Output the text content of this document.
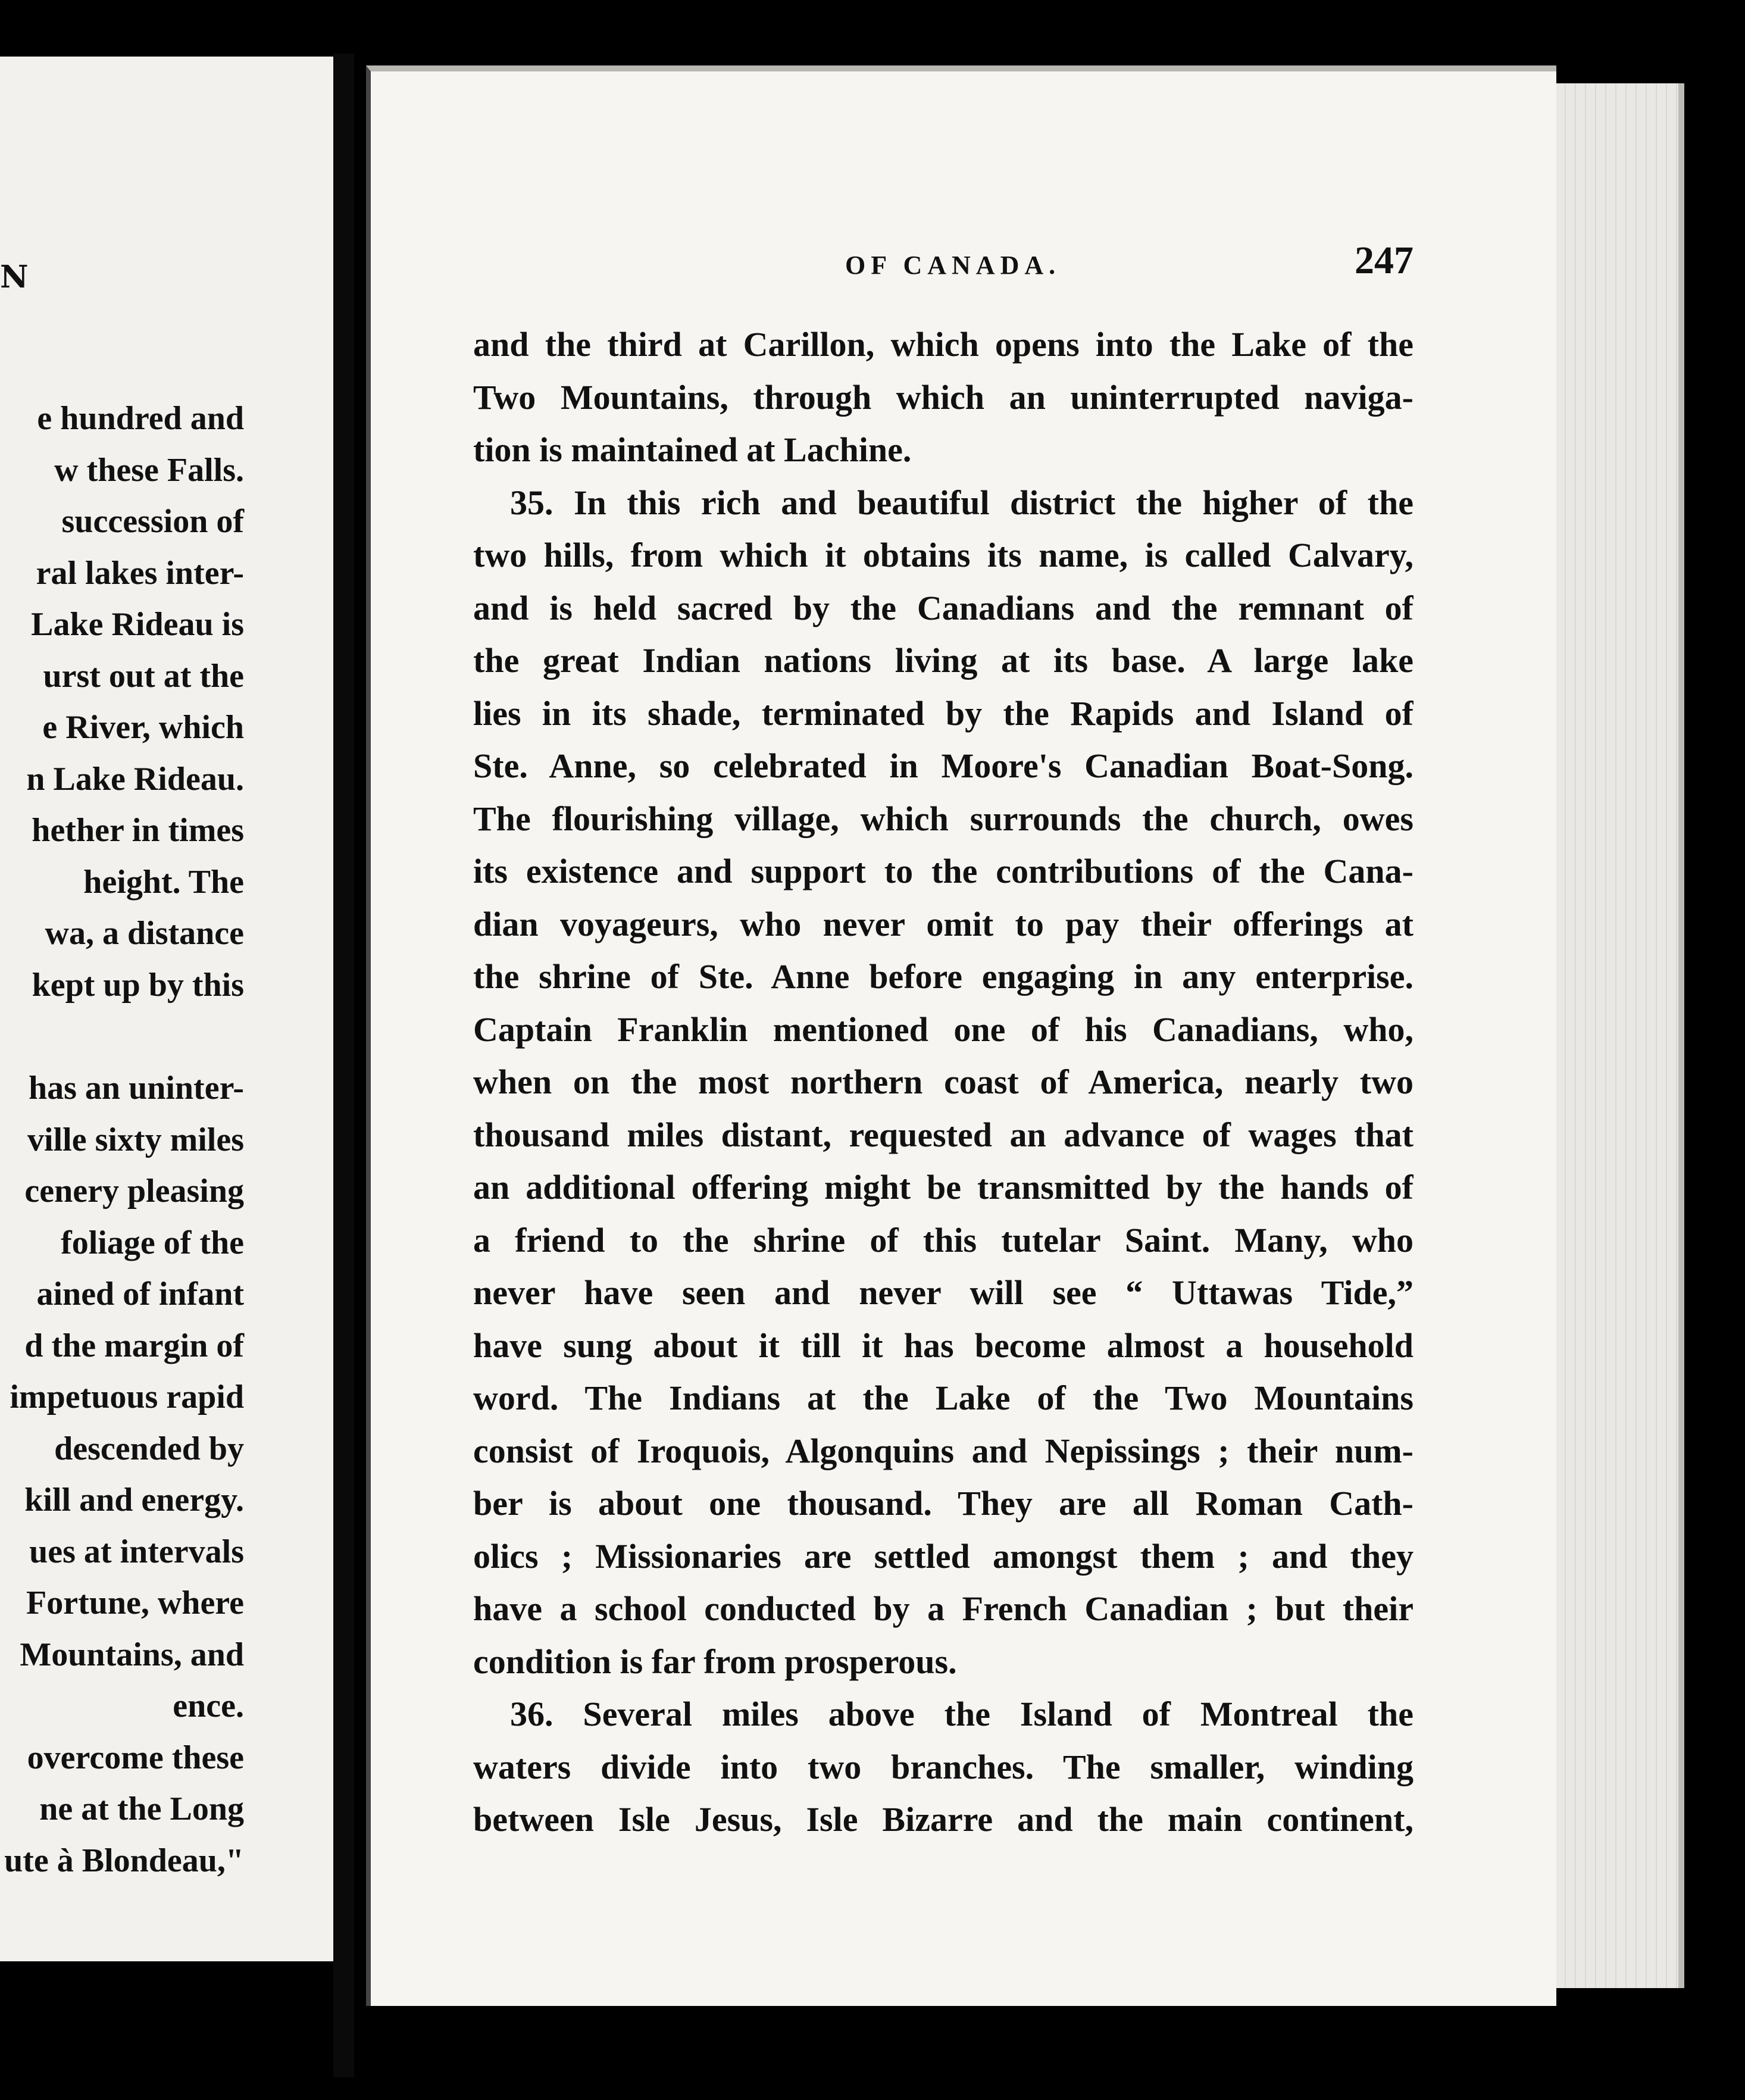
N
e hundred and
w these Falls.
succession of
ral lakes inter-
Lake Rideau is
urst out at the
e River, which
n Lake Rideau.
hether in times
height. The
wa, a distance
kept up by this
has an uninter-
ville sixty miles
cenery pleasing
foliage of the
ained of infant
d the margin of
impetuous rapid
descended by
kill and energy.
ues at intervals
Fortune, where
Mountains, and
ence.
overcome these
ne at the Long
ute à Blondeau,"
OF CANADA.	247
and the third at Carillon, which opens into the Lake of the
Two Mountains, through which an uninterrupted naviga-
tion is maintained at Lachine.
35. In this rich and beautiful district the higher of the
two hills, from which it obtains its name, is called Calvary,
and is held sacred by the Canadians and the remnant of
the great Indian nations living at its base. A large lake
lies in its shade, terminated by the Rapids and Island of
Ste. Anne, so celebrated in Moore's Canadian Boat-Song.
The flourishing village, which surrounds the church, owes
its existence and support to the contributions of the Cana-
dian voyageurs, who never omit to pay their offerings at
the shrine of Ste. Anne before engaging in any enterprise.
Captain Franklin mentioned one of his Canadians, who,
when on the most northern coast of America, nearly two
thousand miles distant, requested an advance of wages that
an additional offering might be transmitted by the hands of
a friend to the shrine of this tutelar Saint. Many, who
never have seen and never will see “ Uttawas Tide,”
have sung about it till it has become almost a household
word. The Indians at the Lake of the Two Mountains
consist of Iroquois, Algonquins and Nepissings ; their num-
ber is about one thousand. They are all Roman Cath-
olics ; Missionaries are settled amongst them ; and they
have a school conducted by a French Canadian ; but their
condition is far from prosperous.
36. Several miles above the Island of Montreal the
waters divide into two branches. The smaller, winding
between Isle Jesus, Isle Bizarre and the main continent,
